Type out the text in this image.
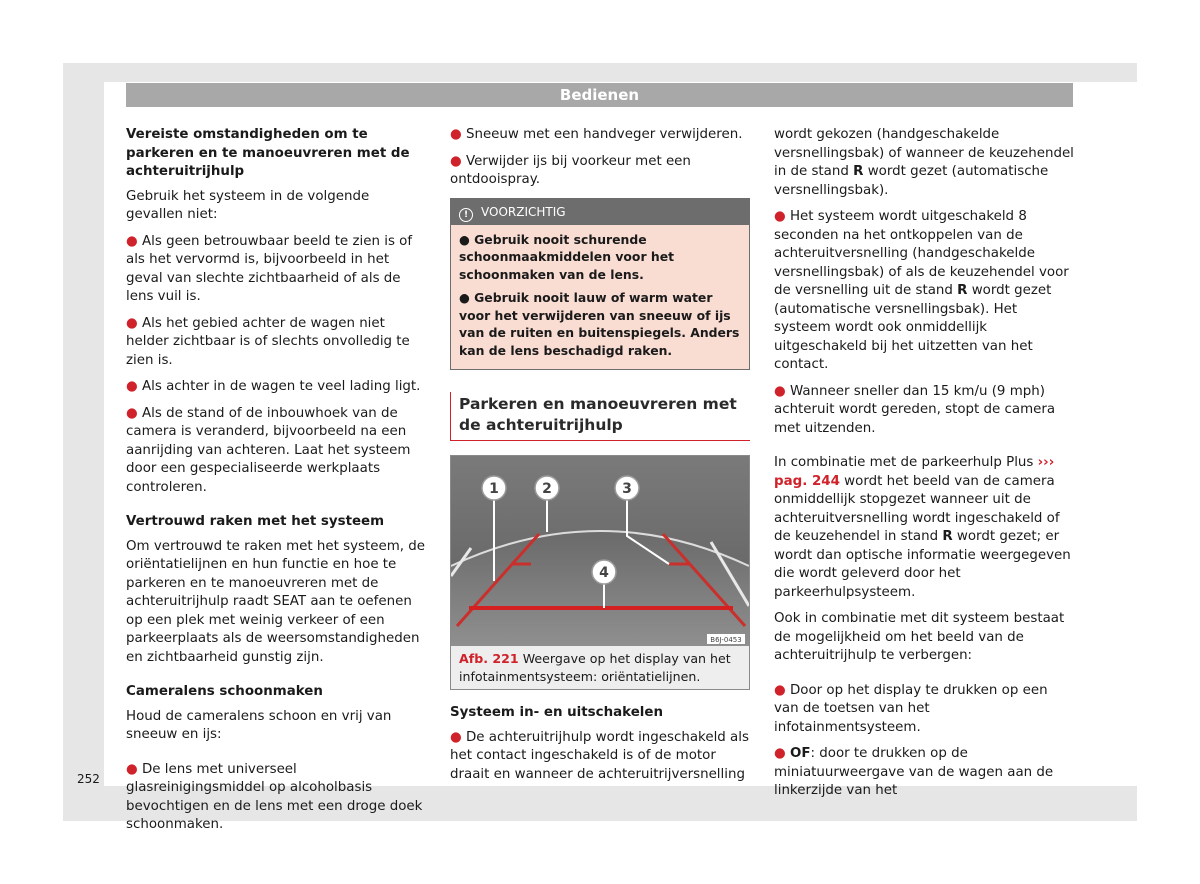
Bedienen
Vereiste omstandigheden om te parkeren en te manoeuvreren met de achteruitrijhulp

Gebruik het systeem in de volgende gevallen niet:

● Als geen betrouwbaar beeld te zien is of als het vervormd is, bijvoorbeeld in het geval van slechte zichtbaarheid of als de lens vuil is.

● Als het gebied achter de wagen niet helder zichtbaar is of slechts onvolledig te zien is.

● Als achter in de wagen te veel lading ligt.

● Als de stand of de inbouwhoek van de camera is veranderd, bijvoorbeeld na een aanrijding van achteren. Laat het systeem door een gespecialiseerde werkplaats controleren.

Vertrouwd raken met het systeem

Om vertrouwd te raken met het systeem, de oriëntatielijnen en hun functie en hoe te parkeren en te manoeuvreren met de achteruitrijhulp raadt SEAT aan te oefenen op een plek met weinig verkeer of een parkeerplaats als de weersomstandigheden en zichtbaarheid gunstig zijn.

Cameralens schoonmaken

Houd de cameralens schoon en vrij van sneeuw en ijs:

● De lens met universeel glasreinigingsmiddel op alcoholbasis bevochtigen en de lens met een droge doek schoonmaken.

● Sneeuw met een handveger verwijderen.

● Verwijder ijs bij voorkeur met een ontdooispray.

! VOORZICHTIG

● Gebruik nooit schurende schoonmaakmiddelen voor het schoonmaken van de lens.

● Gebruik nooit lauw of warm water voor het verwijderen van sneeuw of ijs van de ruiten en buitenspiegels. Anders kan de lens beschadigd raken.

Parkeren en manoeuvreren met de achteruitrijhulp
1	2	3
4
B6J-0453
Afb. 221 Weergave op het display van het infotainmentsysteem: oriëntatielijnen.
Systeem in- en uitschakelen

● De achteruitrijhulp wordt ingeschakeld als het contact ingeschakeld is of de motor draait en wanneer de achteruitrijversnelling

wordt gekozen (handgeschakelde versnellingsbak) of wanneer de keuzehendel in de stand R wordt gezet (automatische versnellingsbak).

● Het systeem wordt uitgeschakeld 8 seconden na het ontkoppelen van de achteruitversnelling (handgeschakelde versnellingsbak) of als de keuzehendel voor de versnelling uit de stand R wordt gezet (automatische versnellingsbak). Het systeem wordt ook onmiddellijk uitgeschakeld bij het uitzetten van het contact.

● Wanneer sneller dan 15 km/u (9 mph) achteruit wordt gereden, stopt de camera met uitzenden.

In combinatie met de parkeerhulp Plus ››› pag. 244 wordt het beeld van de camera onmiddellijk stopgezet wanneer uit de achteruitversnelling wordt ingeschakeld of de keuzehendel in stand R wordt gezet; er wordt dan optische informatie weergegeven die wordt geleverd door het parkeerhulpsysteem.

Ook in combinatie met dit systeem bestaat de mogelijkheid om het beeld van de achteruitrijhulp te verbergen:

● Door op het display te drukken op een van de toetsen van het infotainmentsysteem.

● OF: door te drukken op de miniatuurweergave van de wagen aan de linkerzijde van het

252
